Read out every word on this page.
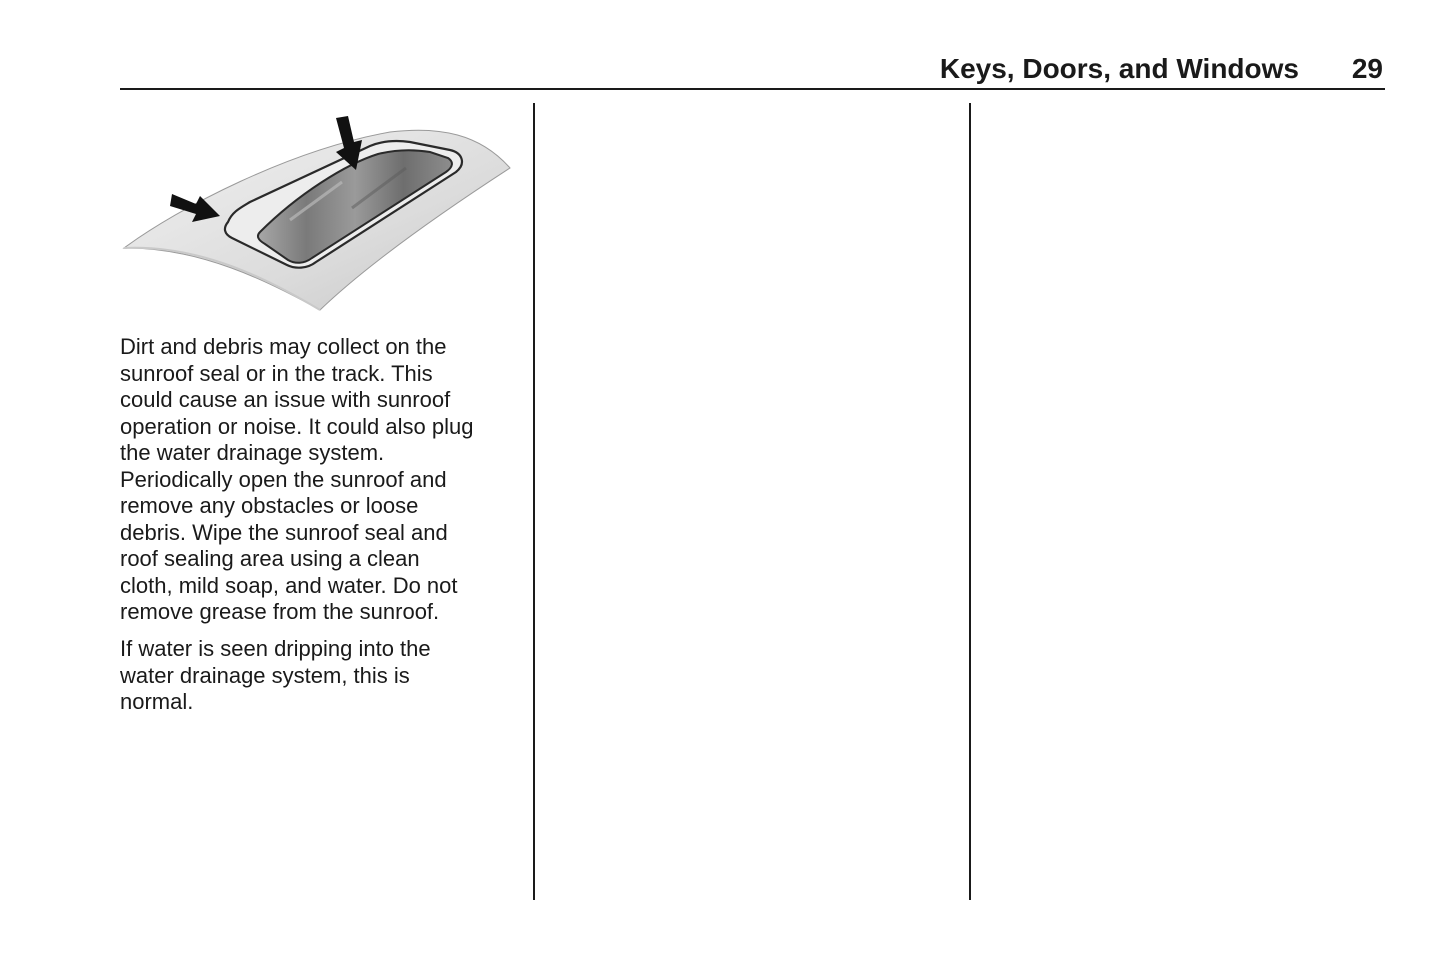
Keys, Doors, and Windows 29

Dirt and debris may collect on the
sunroof seal or in the track. This
could cause an issue with sunroof
operation or noise. It could also plug
the water drainage system.
Periodically open the sunroof and
remove any obstacles or loose
debris. Wipe the sunroof seal and
roof sealing area using a clean
cloth, mild soap, and water. Do not
remove grease from the sunroof.

If water is seen dripping into the
water drainage system, this is
normal.
